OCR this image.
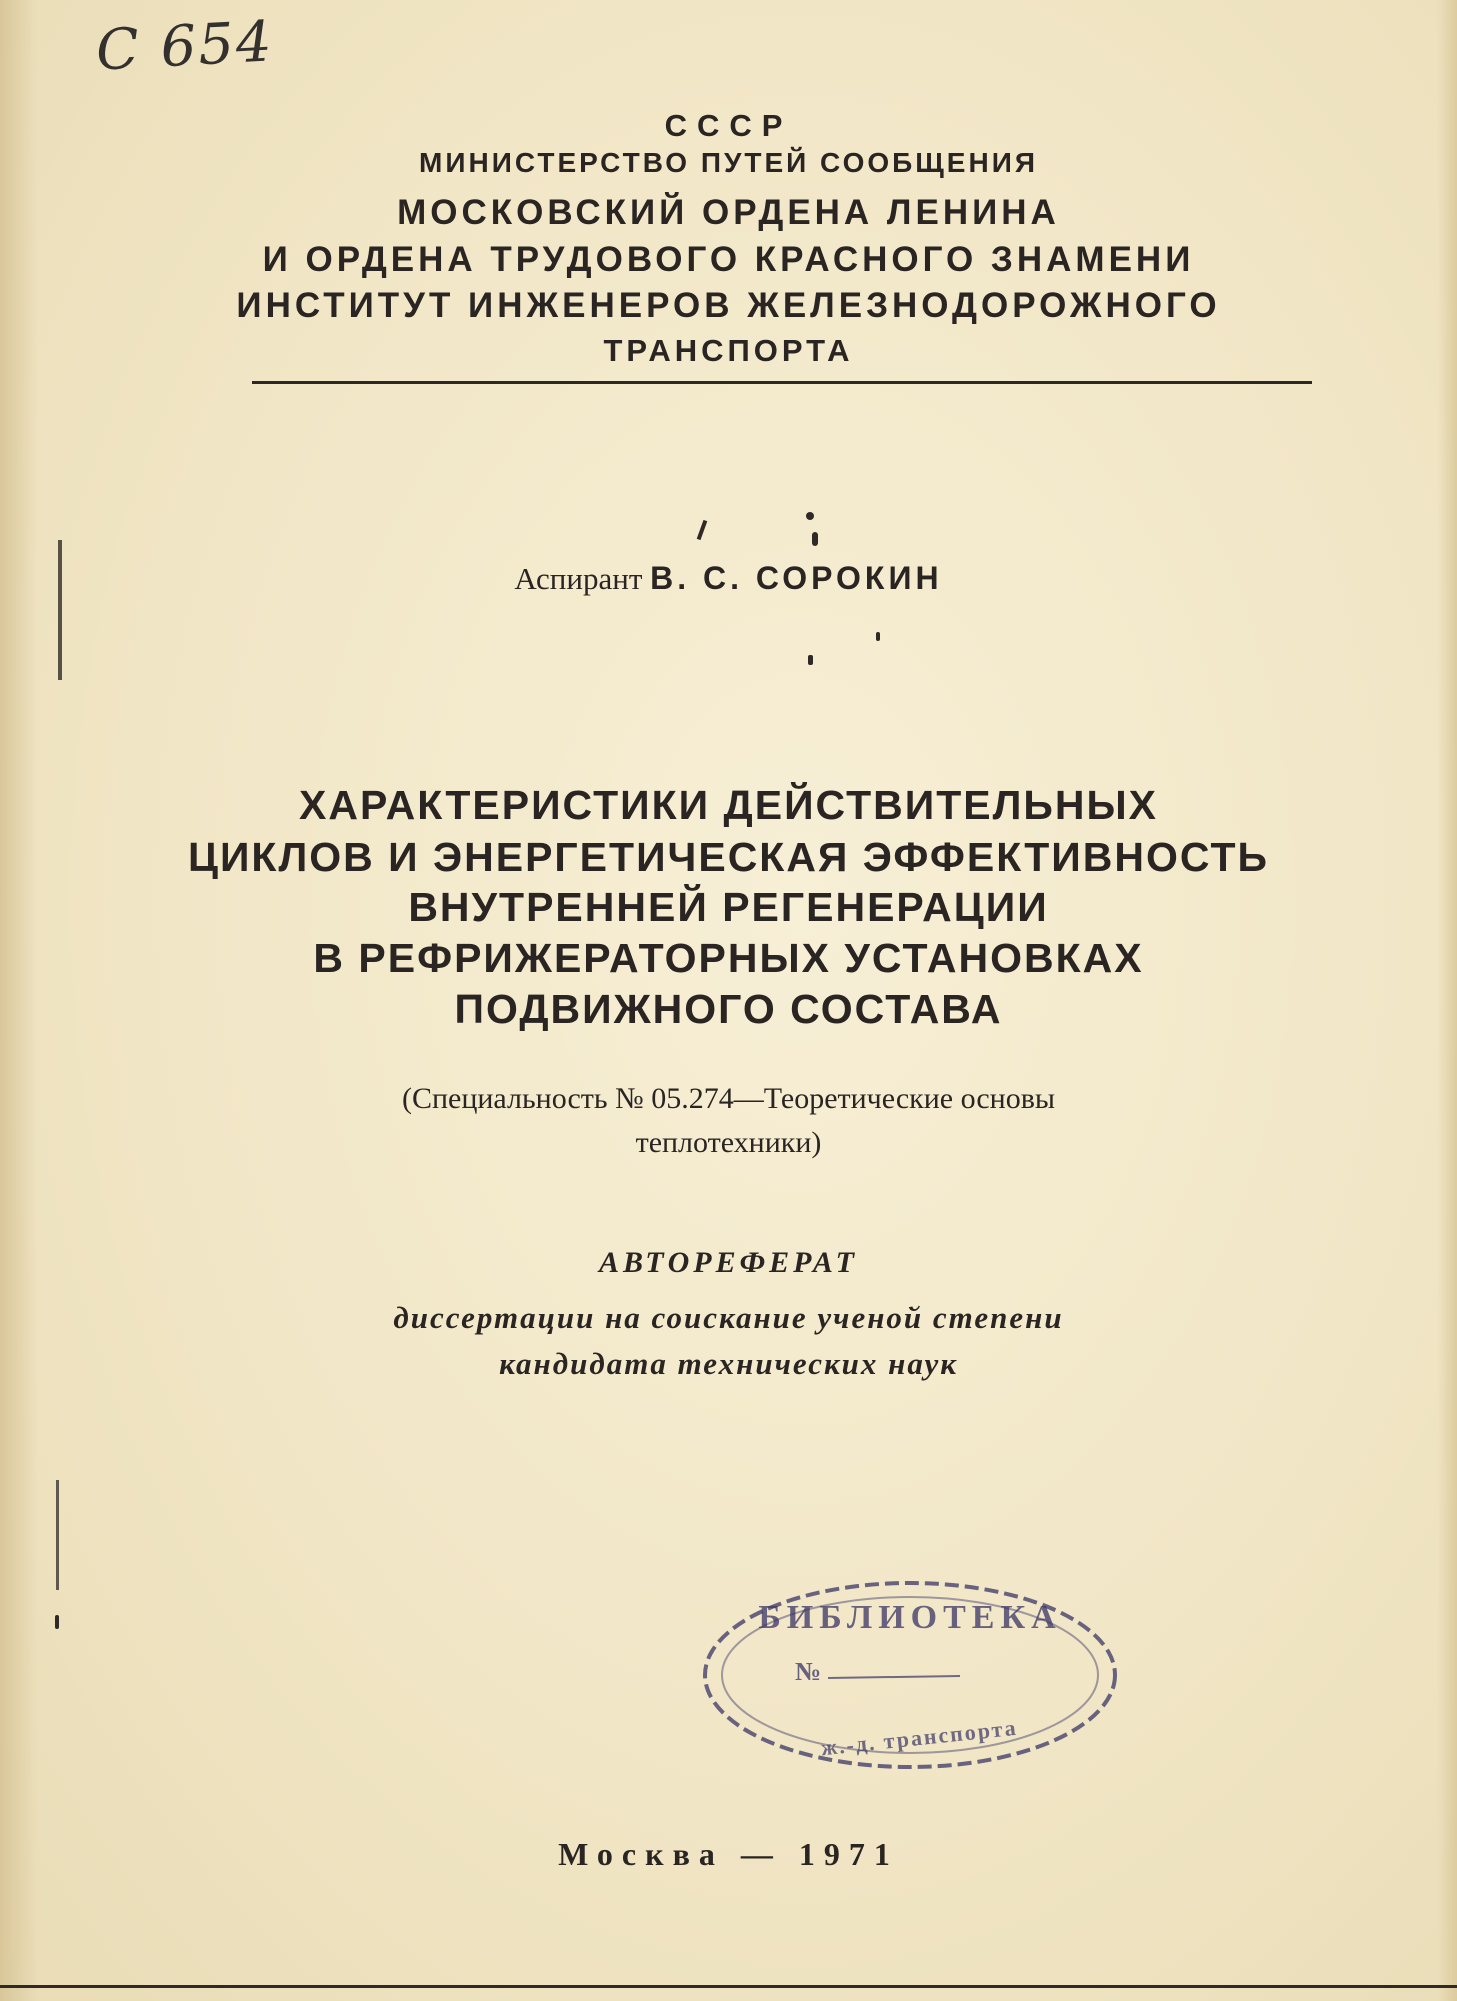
С 654
СССР
МИНИСТЕРСТВО ПУТЕЙ СООБЩЕНИЯ
МОСКОВСКИЙ ОРДЕНА ЛЕНИНА
И ОРДЕНА ТРУДОВОГО КРАСНОГО ЗНАМЕНИ
ИНСТИТУТ ИНЖЕНЕРОВ ЖЕЛЕЗНОДОРОЖНОГО
ТРАНСПОРТА
Аспирант В. С. СОРОКИН
ХАРАКТЕРИСТИКИ ДЕЙСТВИТЕЛЬНЫХ
ЦИКЛОВ И ЭНЕРГЕТИЧЕСКАЯ ЭФФЕКТИВНОСТЬ
ВНУТРЕННЕЙ РЕГЕНЕРАЦИИ
В РЕФРИЖЕРАТОРНЫХ УСТАНОВКАХ
ПОДВИЖНОГО СОСТАВА
(Специальность № 05.274—Теоретические основы
теплотехники)
АВТОРЕФЕРАТ
диссертации на соискание ученой степени
кандидата технических наук
БИБЛИОТЕКА
№
ж.-д. транспорта
Москва — 1971
